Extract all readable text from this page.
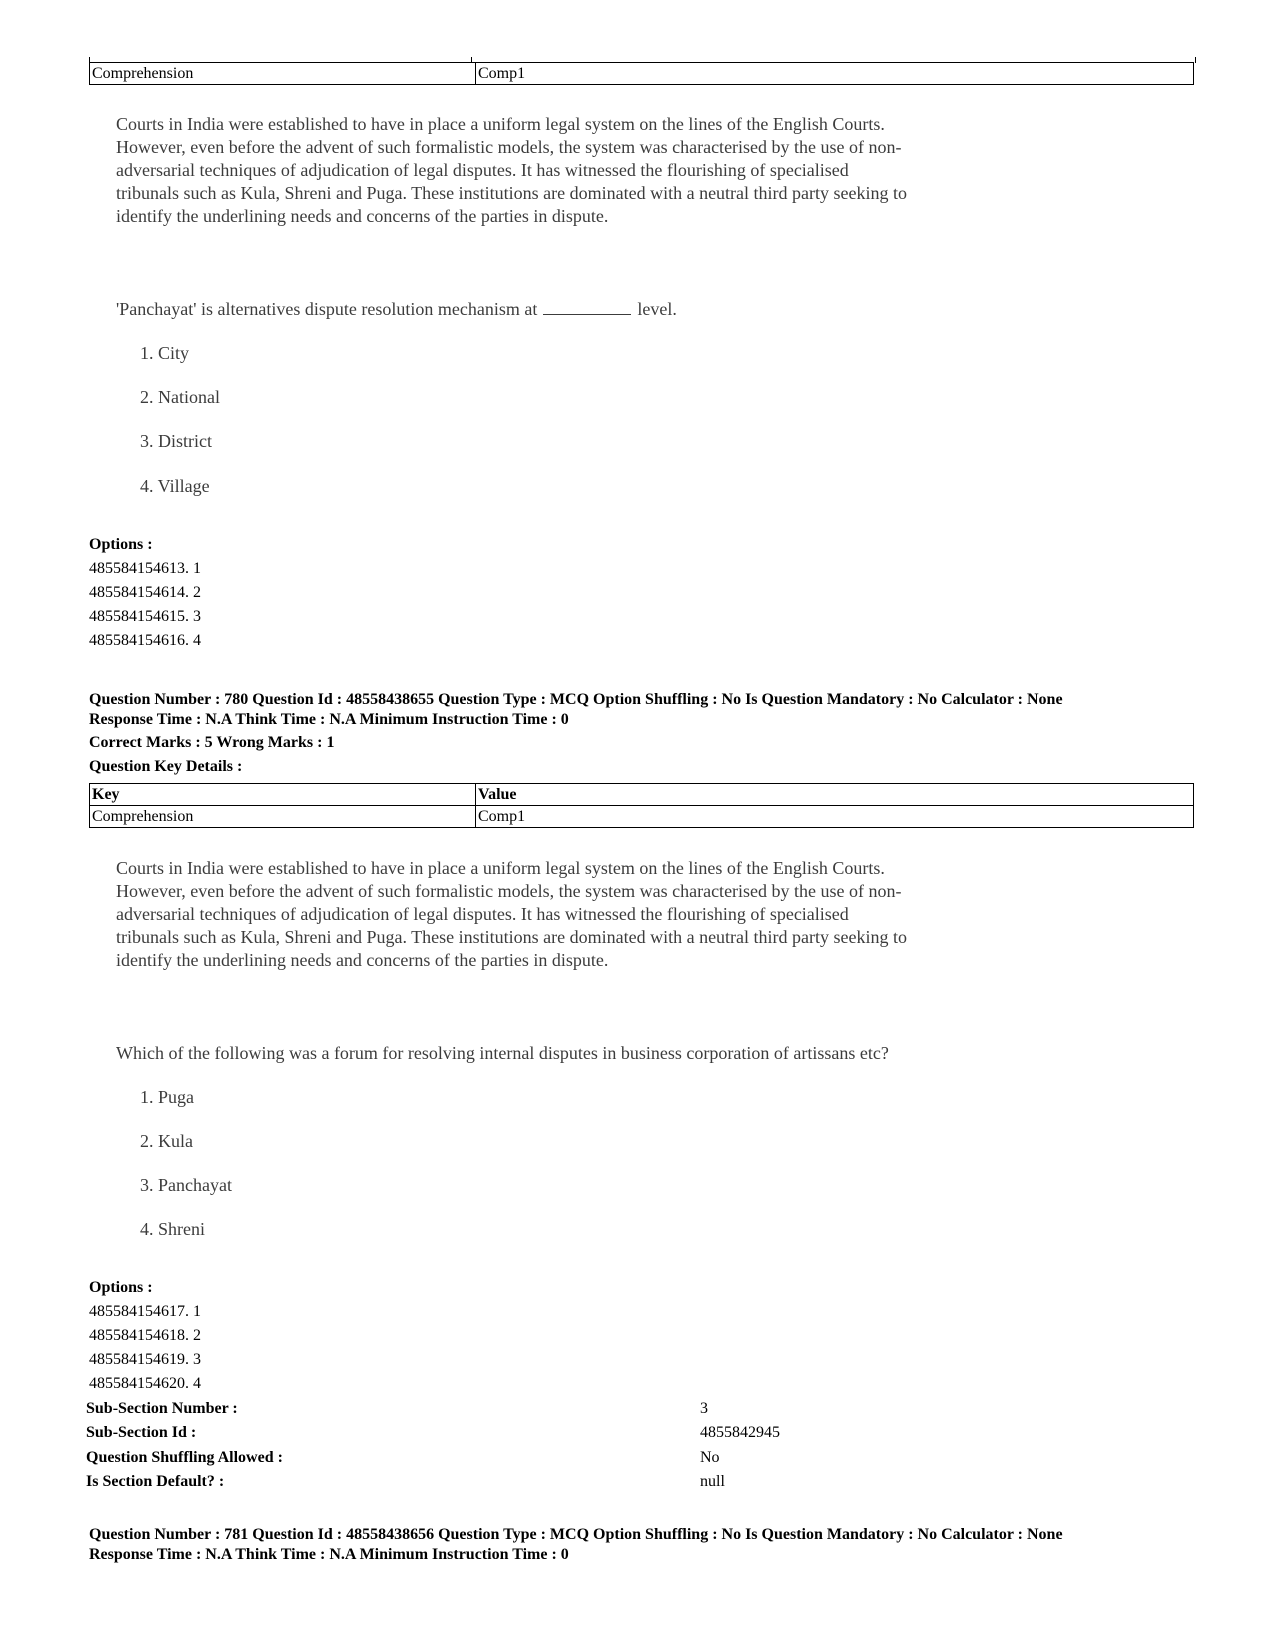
Comprehension	Comp1
Courts in India were established to have in place a uniform legal system on the lines of the English Courts.
However, even before the advent of such formalistic models, the system was characterised by the use of non-
adversarial techniques of adjudication of legal disputes. It has witnessed the flourishing of specialised
tribunals such as Kula, Shreni and Puga. These institutions are dominated with a neutral third party seeking to
identify the underlining needs and concerns of the parties in dispute.
'Panchayat' is alternatives dispute resolution mechanism at	level.
1. City
2. National
3. District
4. Village
Options :
485584154613. 1
485584154614. 2
485584154615. 3
485584154616. 4
Question Number : 780 Question Id : 48558438655 Question Type : MCQ Option Shuffling : No Is Question Mandatory : No Calculator : None
Response Time : N.A Think Time : N.A Minimum Instruction Time : 0
Correct Marks : 5 Wrong Marks : 1
Question Key Details :
Key	Value
Comprehension	Comp1
Courts in India were established to have in place a uniform legal system on the lines of the English Courts.
However, even before the advent of such formalistic models, the system was characterised by the use of non-
adversarial techniques of adjudication of legal disputes. It has witnessed the flourishing of specialised
tribunals such as Kula, Shreni and Puga. These institutions are dominated with a neutral third party seeking to
identify the underlining needs and concerns of the parties in dispute.
Which of the following was a forum for resolving internal disputes in business corporation of artissans etc?
1. Puga
2. Kula
3. Panchayat
4. Shreni
Options :
485584154617. 1
485584154618. 2
485584154619. 3
485584154620. 4
Sub-Section Number :	3
Sub-Section Id :	4855842945
Question Shuffling Allowed :	No
Is Section Default? :	null
Question Number : 781 Question Id : 48558438656 Question Type : MCQ Option Shuffling : No Is Question Mandatory : No Calculator : None
Response Time : N.A Think Time : N.A Minimum Instruction Time : 0
